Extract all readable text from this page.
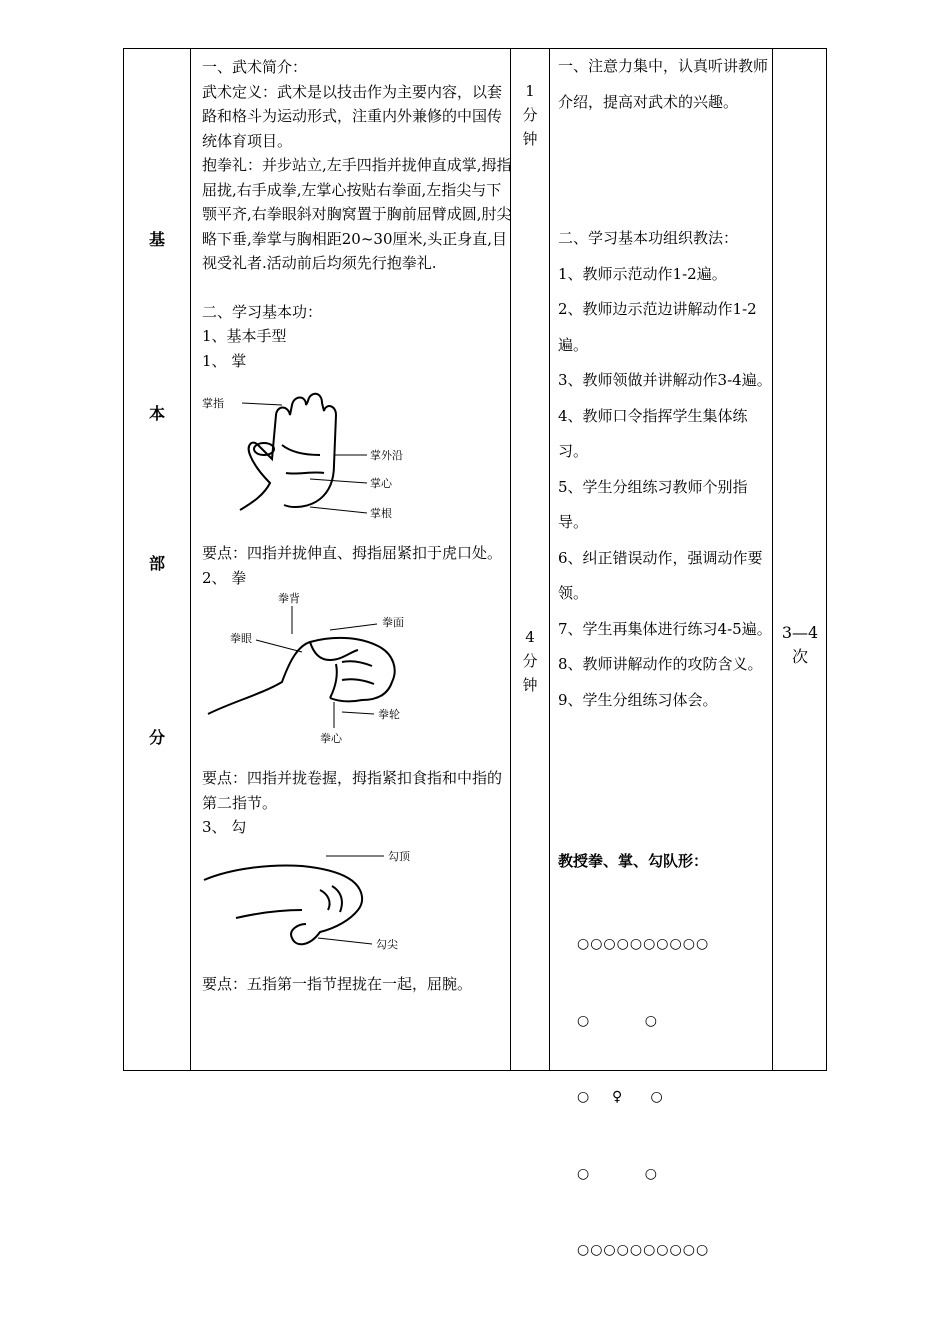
基
本
部
分

一、武术简介：

武术定义：武术是以技击作为主要内容，以套路和格斗为运动形式，注重内外兼修的中国传统体育项目。

抱拳礼：并步站立,左手四指并拢伸直成掌,拇指屈拢,右手成拳,左掌心按贴右拳面,左指尖与下颚平齐,右拳眼斜对胸窝置于胸前屈臂成圆,肘尖略下垂,拳掌与胸相距20~30厘米,头正身直,目视受礼者.活动前后均须先行抱拳礼.

二、学习基本功：

1、基本手型

1、 掌

掌指
掌外沿
掌心
掌根

要点：四指并拢伸直、拇指屈紧扣于虎口处。

2、 拳

拳背
拳面
拳眼
拳轮
拳心

要点：四指并拢卷握，拇指紧扣食指和中指的第二指节。

3、 勾

勾顶
勾尖

要点：五指第一指节捏拢在一起，屈腕。

1
分
钟
4
分
钟

一、注意力集中，认真听讲教师介绍，提高对武术的兴趣。

二、学习基本功组织教法：

1、教师示范动作1-2遍。

2、教师边示范边讲解动作1-2遍。

3、教师领做并讲解动作3-4遍。

4、教师口令指挥学生集体练习。

5、学生分组练习教师个别指导。

6、纠正错误动作，强调动作要领。

7、学生再集体进行练习4-5遍。

8、教师讲解动作的攻防含义。

9、学生分组练习体会。

教授拳、掌、勾队形：

○○○○○○○○○○

○          ○

○    ♀     ○

○          ○

○○○○○○○○○○

3—4
次
